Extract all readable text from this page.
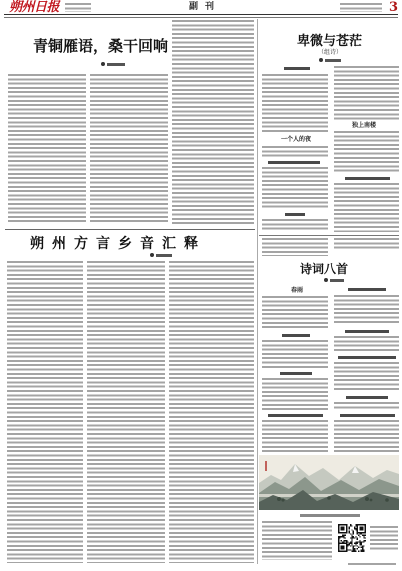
朔州日报	副刊	3
青铜雁语，桑干回响
朔州方言乡音汇释
卑微与苍茫
（组诗）
一个人的夜
独上南楼
诗词八首
春雨
